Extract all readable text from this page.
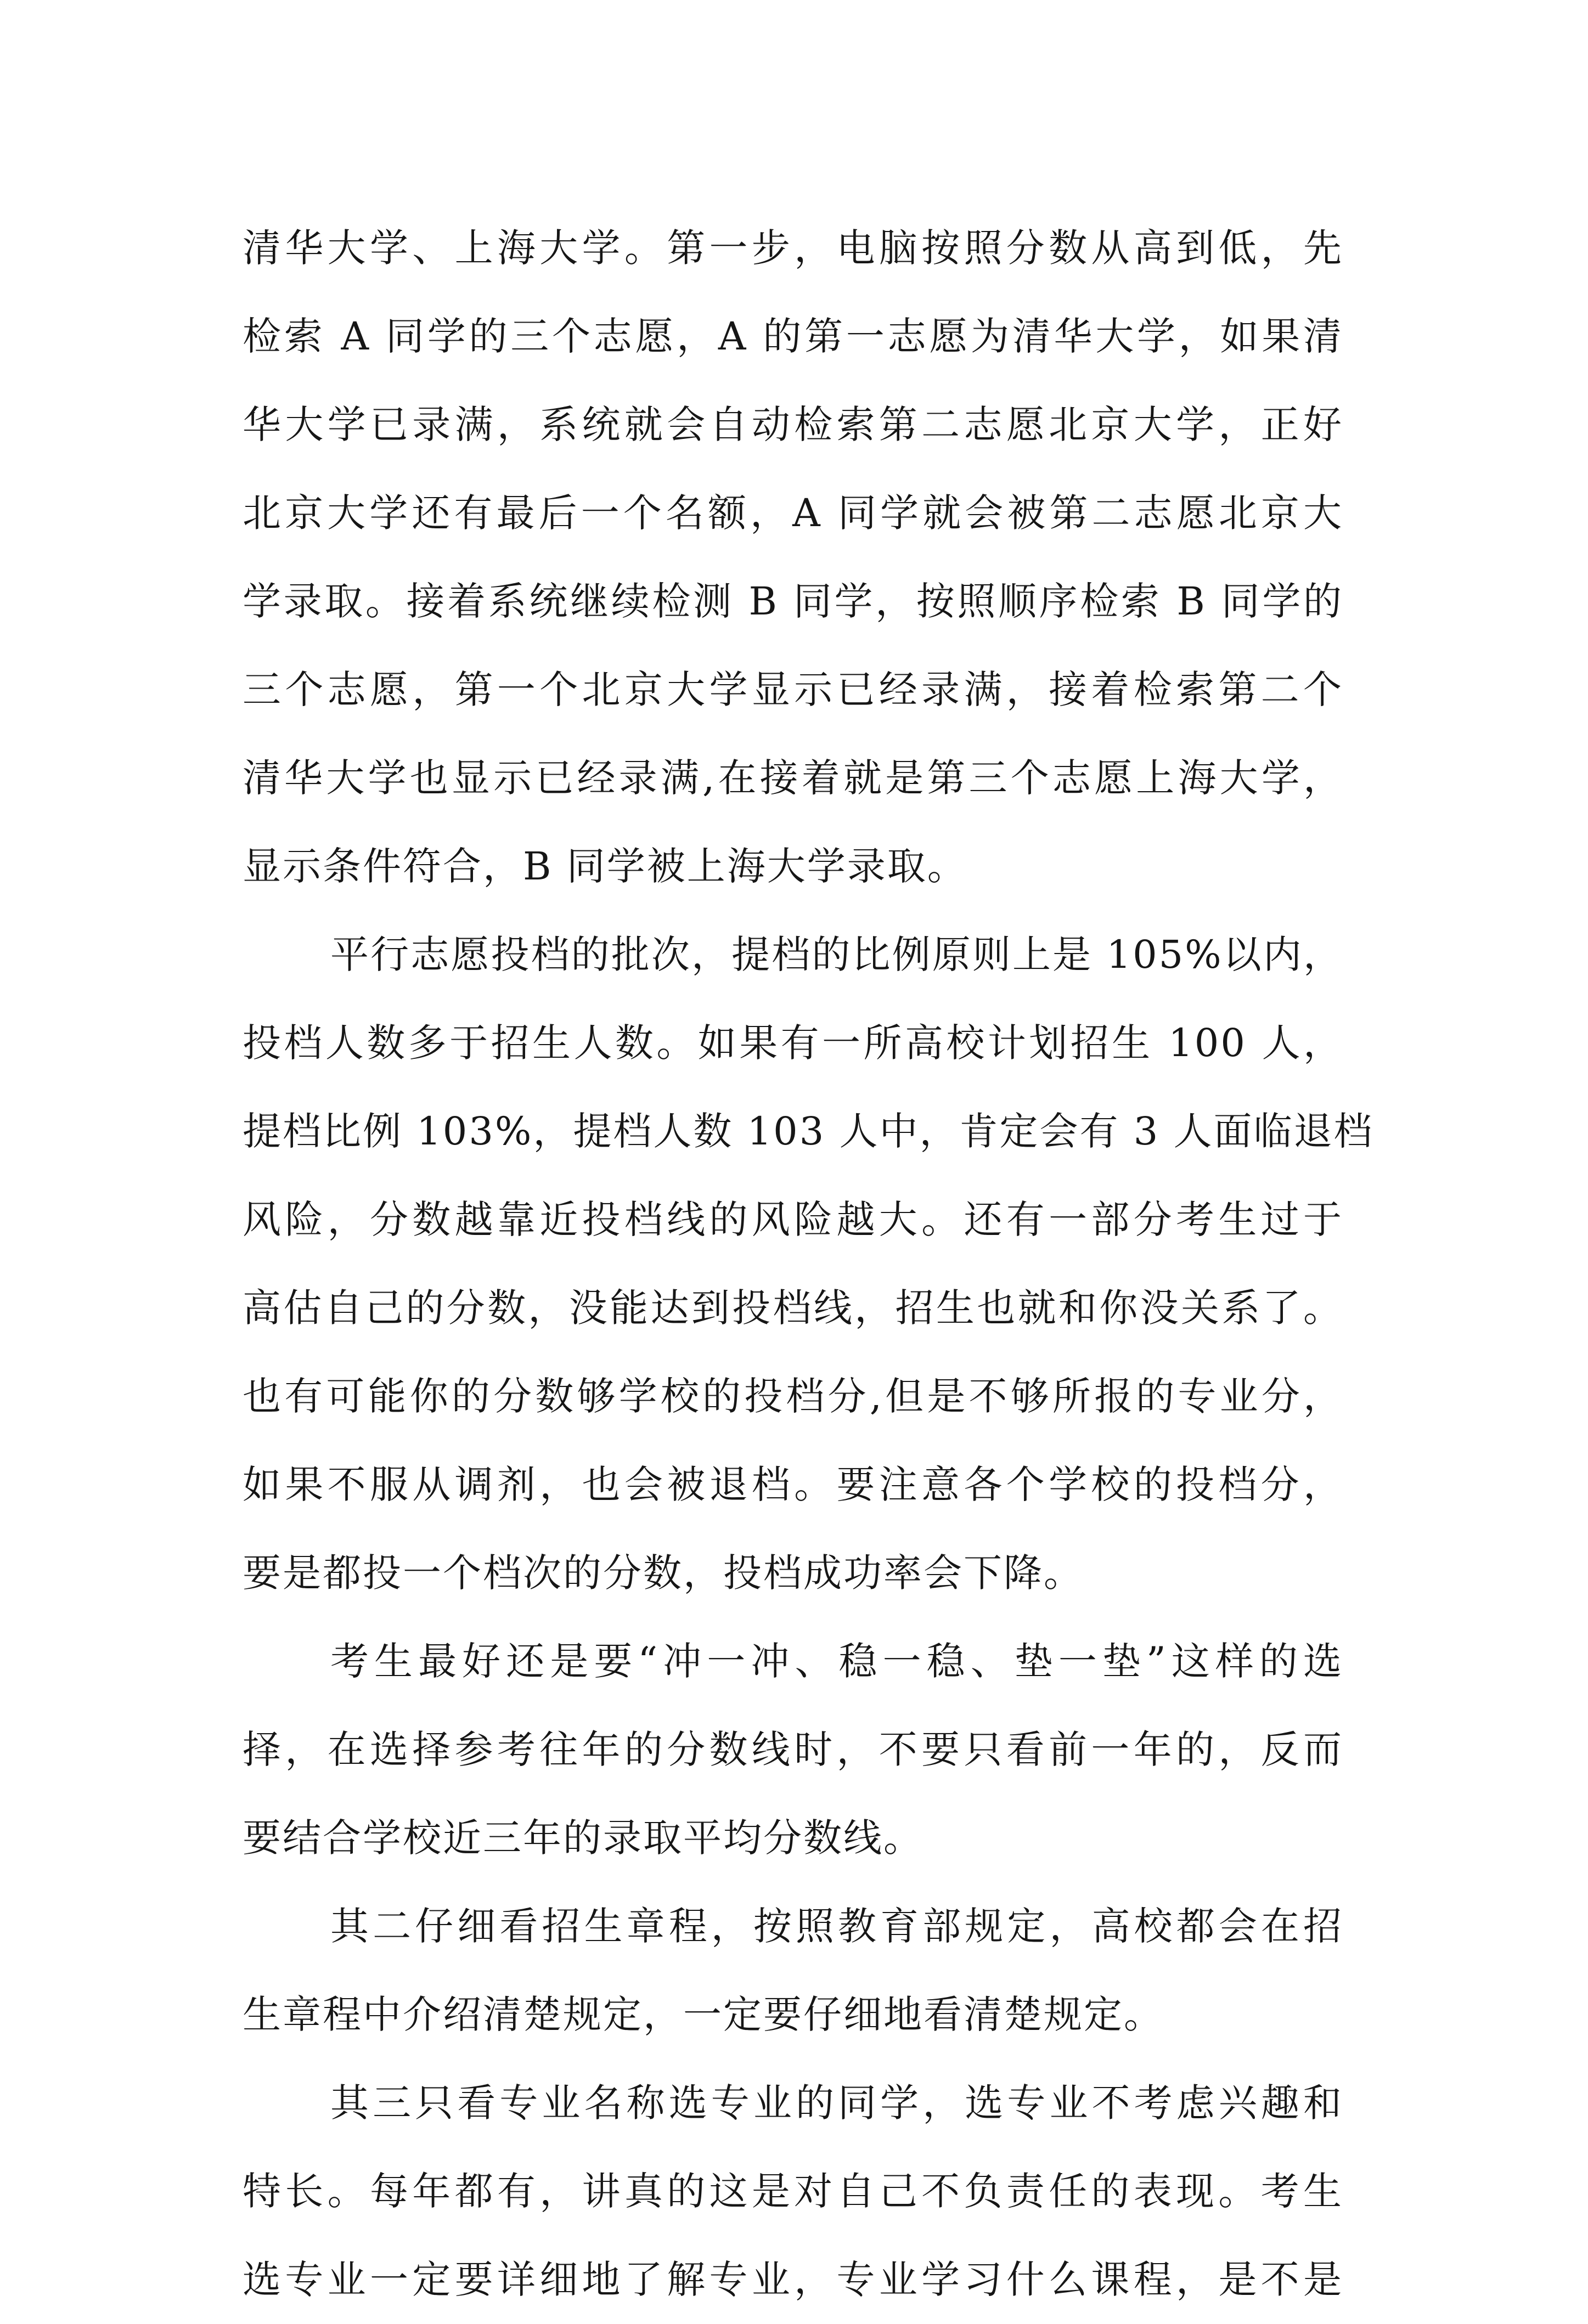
清华大学、上海大学。第一步，电脑按照分数从高到低，先
检索 A 同学的三个志愿，A 的第一志愿为清华大学，如果清
华大学已录满，系统就会自动检索第二志愿北京大学，正好
北京大学还有最后一个名额，A 同学就会被第二志愿北京大
学录取。接着系统继续检测 B 同学，按照顺序检索 B 同学的
三个志愿，第一个北京大学显示已经录满，接着检索第二个
清华大学也显示已经录满,在接着就是第三个志愿上海大学，
显示条件符合，B 同学被上海大学录取。
平行志愿投档的批次，提档的比例原则上是 105%以内，
投档人数多于招生人数。如果有一所高校计划招生 100 人，
提档比例 103%，提档人数 103 人中，肯定会有 3 人面临退档
风险，分数越靠近投档线的风险越大。还有一部分考生过于
高估自己的分数，没能达到投档线，招生也就和你没关系了。
也有可能你的分数够学校的投档分,但是不够所报的专业分，
如果不服从调剂，也会被退档。要注意各个学校的投档分，
要是都投一个档次的分数，投档成功率会下降。
考生最好还是要“冲一冲、稳一稳、垫一垫”这样的选
择，在选择参考往年的分数线时，不要只看前一年的，反而
要结合学校近三年的录取平均分数线。
其二仔细看招生章程，按照教育部规定，高校都会在招
生章程中介绍清楚规定，一定要仔细地看清楚规定。
其三只看专业名称选专业的同学，选专业不考虑兴趣和
特长。每年都有，讲真的这是对自己不负责任的表现。考生
选专业一定要详细地了解专业，专业学习什么课程，是不是
